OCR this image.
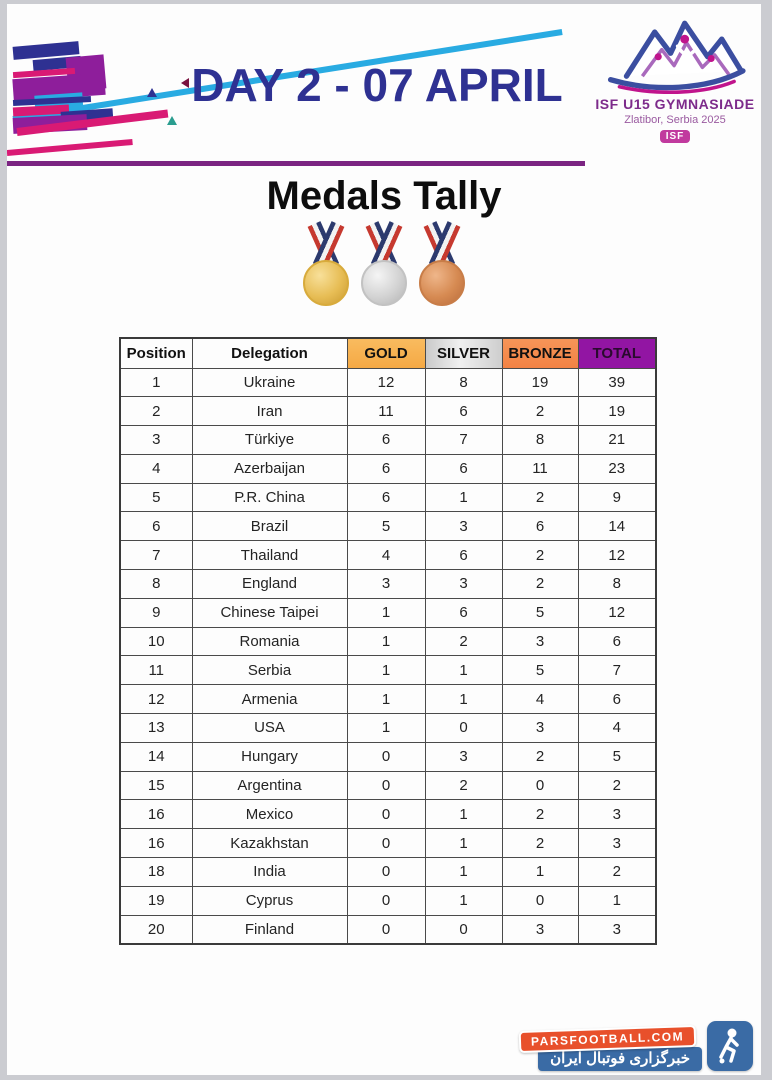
DAY 2 - 07 APRIL	ISF U15 GYMNASIADE
Zlatibor, Serbia 2025
ISF
Medals Tally
Position	Delegation	GOLD	SILVER	BRONZE	TOTAL
1	Ukraine	12	8	19	39
2	Iran	11	6	2	19
3	Türkiye	6	7	8	21
4	Azerbaijan	6	6	11	23
5	P.R. China	6	1	2	9
6	Brazil	5	3	6	14
7	Thailand	4	6	2	12
8	England	3	3	2	8
9	Chinese Taipei	1	6	5	12
10	Romania	1	2	3	6
11	Serbia	1	1	5	7
12	Armenia	1	1	4	6
13	USA	1	0	3	4
14	Hungary	0	3	2	5
15	Argentina	0	2	0	2
16	Mexico	0	1	2	3
16	Kazakhstan	0	1	2	3
18	India	0	1	1	2
19	Cyprus	0	1	0	1
20	Finland	0	0	3	3
PARSFOOTBALL.COM
خبرگزاری فوتبال ایران
